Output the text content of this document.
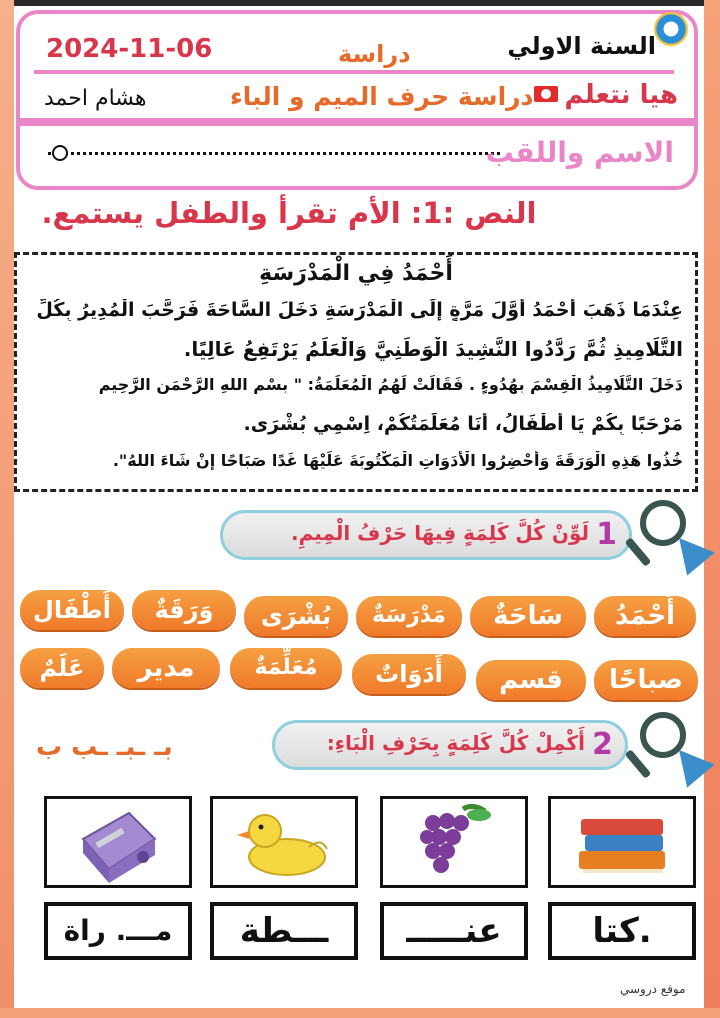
2024-11-06	دراسة	السنة الاولي
هشام احمد	دراسة حرف الميم و الباء هيا نتعلم
الاسم واللقب
النص :1: الأم تقرأ والطفل يستمع.
أَحْمَدُ فِي الْمَدْرَسَةِ
عِنْدَمَا ذَهَبَ أَحْمَدُ أَوَّلَ مَرَّةٍ إِلَى الْمَدْرَسَةِ دَخَلَ السَّاحَةَ فَرَحَّبَ الْمُدِيرُ بِكُلِّ
التَّلَامِيذِ ثُمَّ رَدَّدُوا النَّشِيدَ الْوَطَنِيَّ وَالْعَلَمُ يَرْتَفِعُ عَالِيًا.
دَخَلَ التَّلَامِيذُ الْقِسْمَ بِهُدُوءٍ . فَقَالَتْ لَهُمُ الْمُعَلِّمَةُ: " بِسْمِ اللهِ الرَّحْمَنِ الرَّحِيمِ
مَرْحَبًا بِكُمْ يَا أَطْفَالُ، أَنَا مُعَلِّمَتُكُمْ، اِسْمِي بُشْرَى.
خُذُوا هَذِهِ الْوَرَقَةَ وَأَحْضِرُوا الْأَدَوَاتِ الْمَكْتُوبَةَ عَلَيْهَا غَدًا صَبَاحًا إِنْ شَاءَ اللهُ".
1
لَوِّنْ كُلَّ كَلِمَةٍ فِيهَا حَرْفُ الْمِيمِ.
أَحْمَدُ
سَاحَةٌ
مَدْرَسَةٌ
بُشْرَى
وَرَقَةٌ
أَطْفَال
صباحًا
قسم
أَدَوَاتٌ
مُعَلِّمَةٌ
مدير
عَلَمٌ
2
أَكْمِلْ كُلَّ كَلِمَةٍ بِحَرْفِ الْبَاءِ:
بـ ـبـ ـب ب
كتا.
عنـــــ
ـــطة
مـــ. راة
موقع دروسي
